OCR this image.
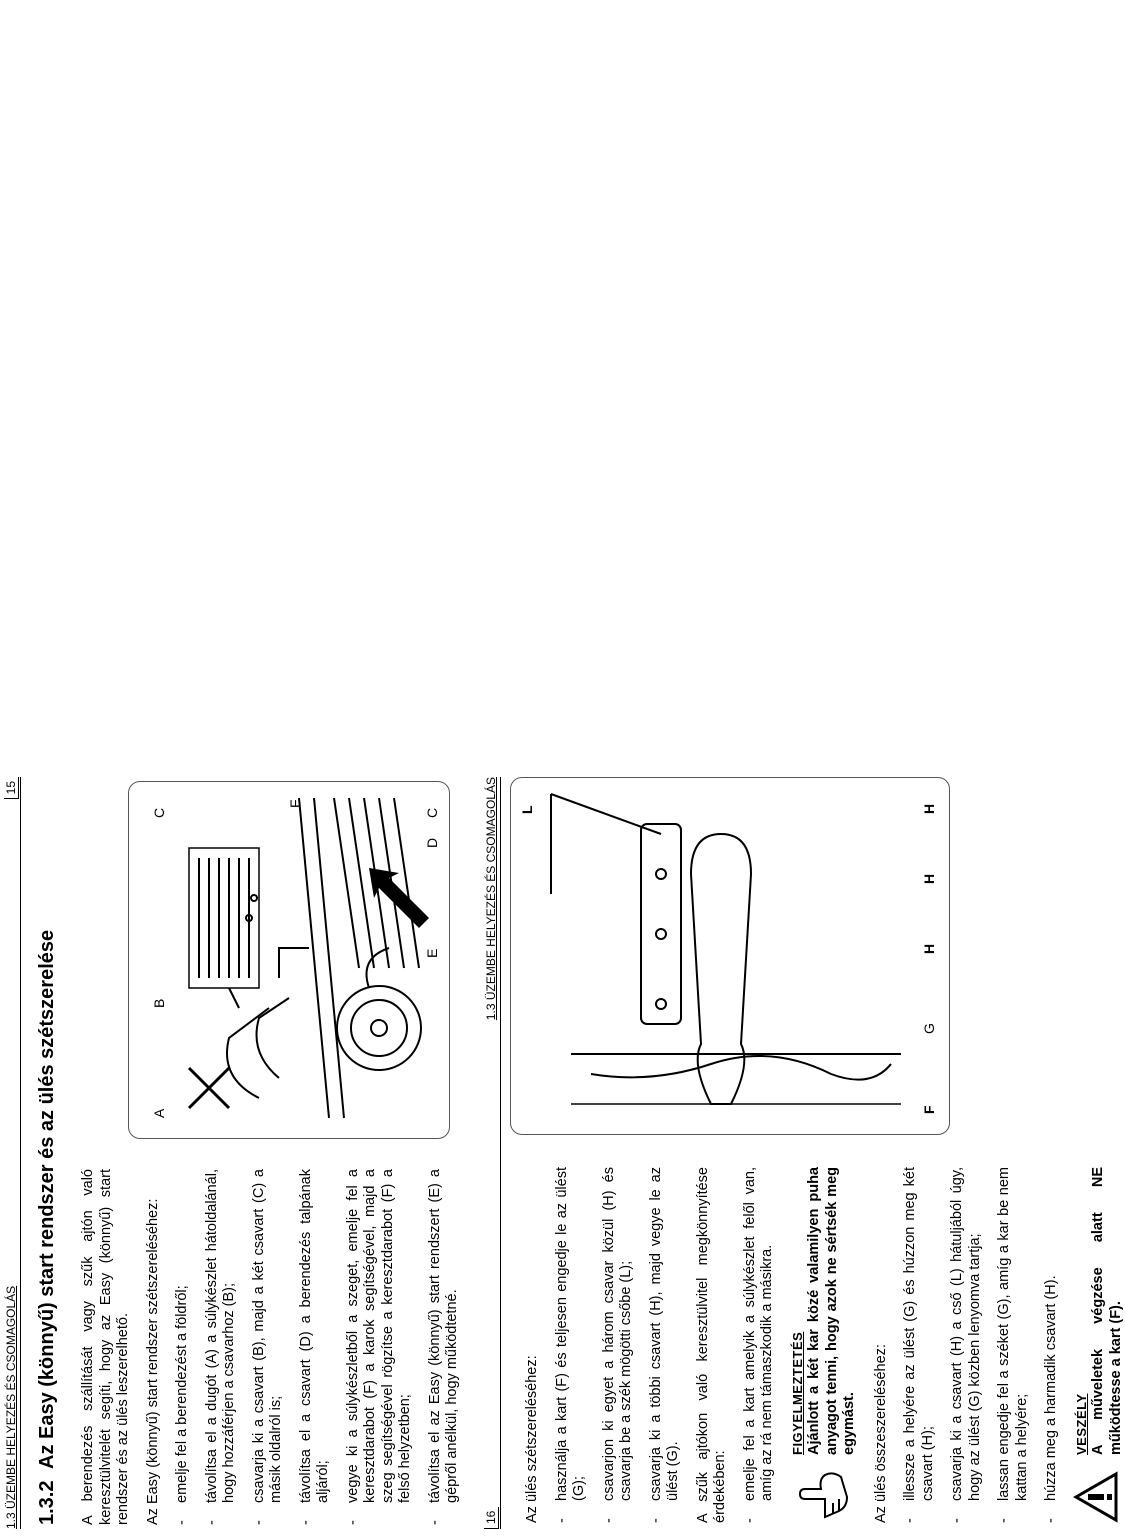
1.3 ÜZEMBE HELYEZÉS ÉS CSOMAGOLÁS
15
1.3.2Az Easy (könnyű) start rendszer és az ülés szétszerelése A berendezés szállítását vagy szűk ajtón való keresztülvitelét segíti, hogy az Easy (könnyű) start rendszer és az ülés leszerelhető. Az Easy (könnyű) start rendszer szétszereléséhez: -
emelje fel a berendezést a földről;
-
távolítsa el a dugót (A) a súlykészlet hátoldalánál, hogy hozzáférjen a csavarhoz (B);
-
csavarja ki a csavart (B), majd a két csavart (C) a másik oldalról is;
-
távolítsa el a csavart (D) a berendezés talpának aljáról;
-
vegye ki a súlykészletből a szeget, emelje fel a keresztdarabot (F) a karok segítségével, majd a szeg segítségével rögzítse a keresztdarabot (F) a felső helyzetben;
-
távolítsa el az Easy (könnyű) start rendszert (E) a gépről anélkül, hogy működtetné.
A
B
C
E
D
C
F	1.3 ÜZEMBE HELYEZÉS ÉS CSOMAGOLÁS
16 Az ülés szétszereléséhez: -
használja a kart (F) és teljesen engedje le az ülést (G);
-
csavarjon ki egyet a három csavar közül (H) és csavarja be a szék mögötti csőbe (L);
-
csavarja ki a többi csavart (H), majd vegye le az ülést (G). A szűk ajtókon való keresztülvitel megkönnyítése érdekében: -
emelje fel a kart amelyik a súlykészlet felől van, amíg az rá nem támaszkodik a másikra. FIGYELMEZTETÉS Ajánlott a két kar közé valamilyen puha anyagot tenni, hogy azok ne sértsék meg egymást. Az ülés összeszereléséhez: -
illessze a helyére az ülést (G) és húzzon meg két csavart (H);
-
csavarja ki a csavart (H) a cső (L) hátuljából úgy, hogy az ülést (G) közben lenyomva tartja;
-
lassan engedje fel a széket (G), amíg a kar be nem kattan a helyére;
-
húzza meg a harmadik csavart (H). VESZÉLY A műveletek végzése alatt NE működtesse a kart (F).
L
F
G
H
H
H
